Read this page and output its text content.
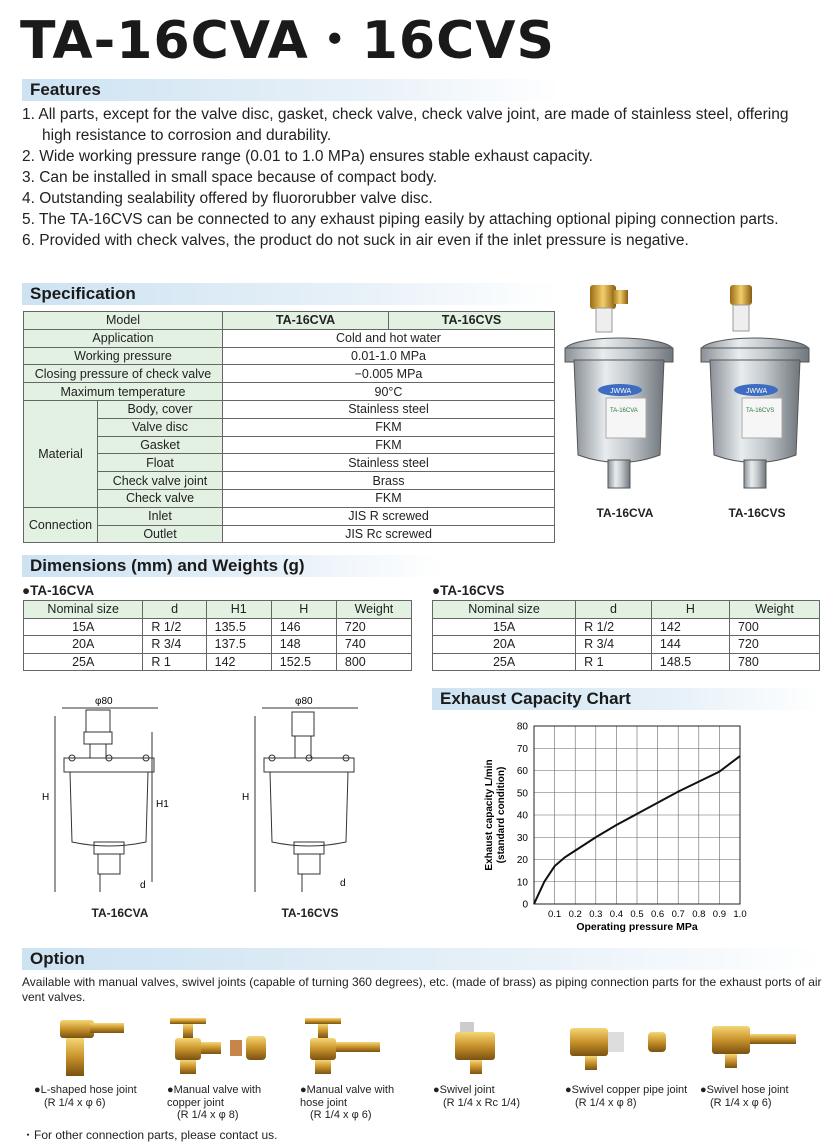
TA-16CVA・16CVS
Features
1. All parts, except for the valve disc, gasket, check valve, check valve joint, are made of stainless steel, offering high resistance to corrosion and durability.
2. Wide working pressure range (0.01 to 1.0 MPa) ensures stable exhaust capacity.
3. Can be installed in small space because of compact body.
4. Outstanding sealability offered by fluororubber valve disc.
5. The TA-16CVS can be connected to any exhaust piping easily by attaching optional piping connection parts.
6. Provided with check valves, the product do not suck in air even if the inlet pressure is negative.
Specification
Model		TA-16CVA	TA-16CVS
Application		Cold and hot water	
Working pressure		0.01-1.0 MPa	
Closing pressure of check valve		−0.005 MPa	
Maximum temperature		90°C	
Material	Body, cover	Stainless steel	
	Valve disc	FKM	
	Gasket	FKM	
	Float	Stainless steel	
	Check valve joint	Brass	
	Check valve	FKM	
Connection	Inlet	JIS R screwed	
	Outlet	JIS Rc screwed	
JWWA	JWWA
TA-16CVA	TA-16CVS
TA-16CVA	TA-16CVS
Dimensions (mm) and Weights (g)
●TA-16CVA
Nominal size	d	H1	H	Weight
15A	R 1/2	135.5	146	720
20A	R 3/4	137.5	148	740
25A	R 1	142	152.5	800
●TA-16CVS
Nominal size	d	H	Weight
15A	R 1/2	142	700
20A	R 3/4	144	720
25A	R 1	148.5	780
φ80	φ80
H	H
H1
d	d
TA-16CVA	TA-16CVS
Exhaust Capacity Chart
0
10
20
30
40
50
60
70
80
0.1 0.2 0.3 0.4 0.5 0.6 0.7 0.8 0.9 1.0
Exhaust capacity L/min (standard condition)
Operating pressure MPa
Option
Available with manual valves, swivel joints (capable of turning 360 degrees), etc. (made of brass) as piping connection parts for the exhaust ports of air vent valves.
●L-shaped hose joint
(R 1/4 x φ 6)
●Manual valve with copper joint
(R 1/4 x φ 8)
●Manual valve with hose joint
(R 1/4 x φ 6)
●Swivel joint
(R 1/4 x Rc 1/4)
●Swivel copper pipe joint
(R 1/4 x φ 8)
●Swivel hose joint
(R 1/4 x φ 6)
・For other connection parts, please contact us.
